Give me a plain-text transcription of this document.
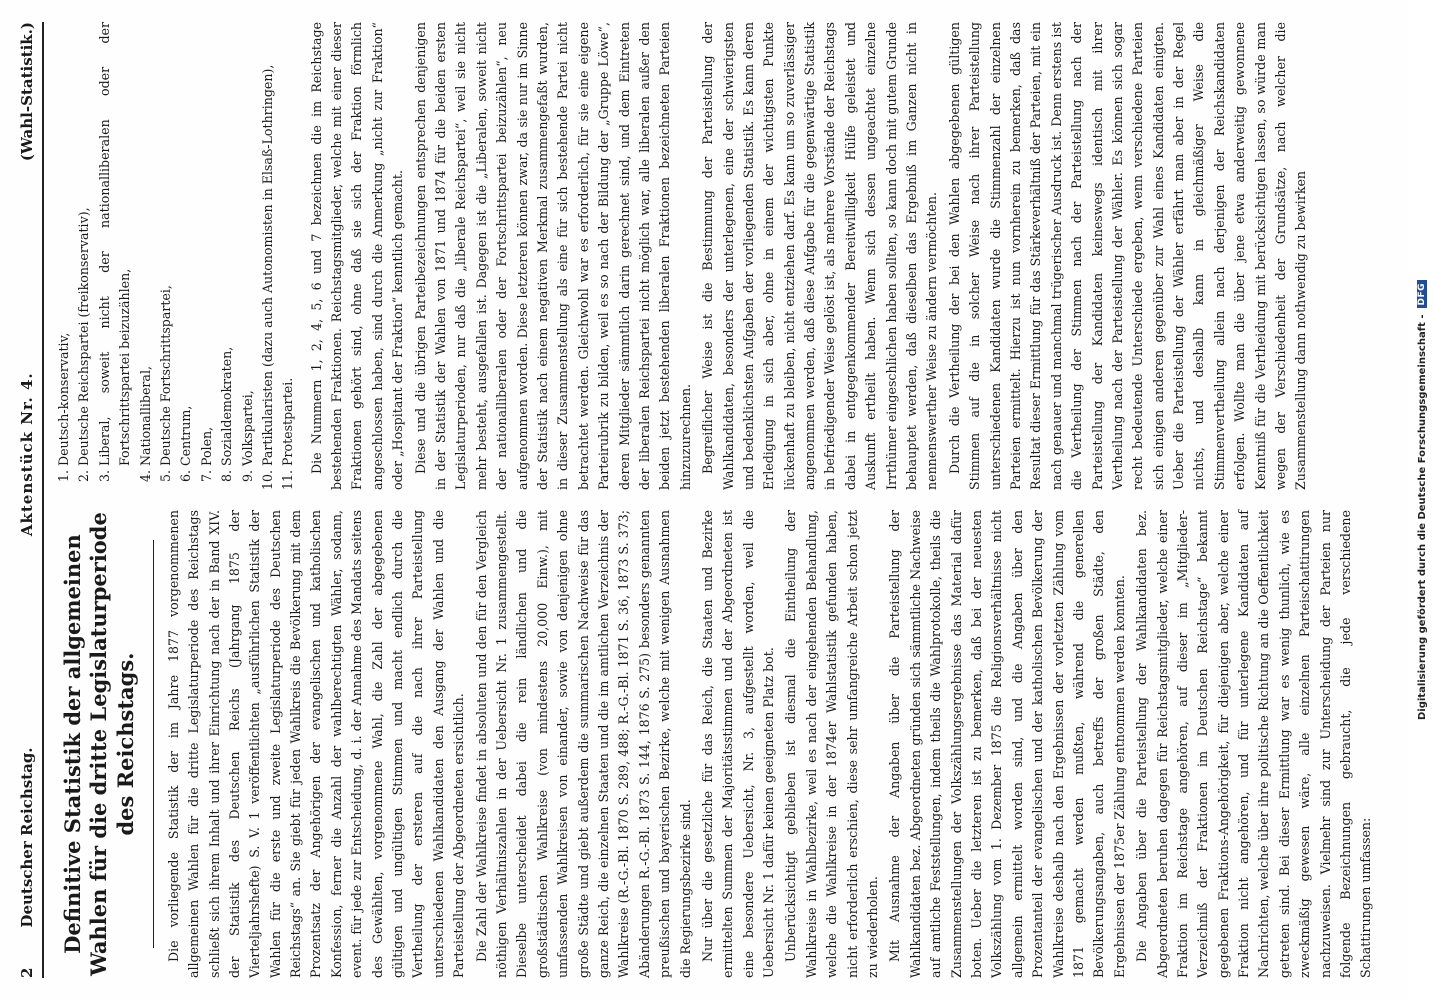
2
Deutscher Reichstag.
Aktenstück Nr. 4.
(Wahl-Statistik.)
Definitive Statistik der allgemeinen Wahlen für die dritte Legislaturperiode des Reichstags. Die vorliegende Statistik der im Jahre 1877 vorgenommenen allgemeinen Wahlen für die dritte Legislaturperiode des Reichstags schließt sich ihrem Inhalt und ihrer Einrichtung nach der in Band XIV. der Statistik des Deutschen Reichs (Jahrgang 1875 der Vierteljahrshefte) S. V. 1 veröffentlichten „ausführlichen Statistik der Wahlen für die erste und zweite Legislaturperiode des Deutschen Reichstags“ an. Sie giebt für jeden Wahlkreis die Bevölkerung mit dem Prozentsatz der Angehörigen der evangelischen und katholischen Konfession, ferner die Anzahl der wahlberechtigten Wähler, sodann, event. für jede zur Entscheidung, d. i. der Annahme des Mandats seitens des Gewählten, vorgenommene Wahl, die Zahl der abgegebenen gültigen und ungültigen Stimmen und macht endlich durch die Vertheilung der ersteren auf die nach ihrer Parteistellung unterschiedenen Wahlkandidaten den Ausgang der Wahlen und die Parteistellung der Abgeordneten ersichtlich. Die Zahl der Wahlkreise findet in absoluten und den für den Vergleich nöthigen Verhältniszahlen in der Uebersicht Nr. 1 zusammengestellt. Dieselbe unterscheidet dabei die rein ländlichen und die großstädtischen Wahlkreise (von mindestens 20,000 Einw.), mit umfassenden Wahlkreisen von einander, sowie von denjenigen ohne große Städte und giebt außerdem die summarischen Nachweise für das ganze Reich, die einzelnen Staaten und die im amtlichen Verzeichnis der Wahlkreise (R.-G.-Bl. 1870 S. 289, 488; R.-G.-Bl. 1871 S. 36, 1873 S. 373; Abänderungen R.-G.-Bl. 1873 S. 144, 1876 S. 275) besonders genannten preußischen und bayerischen Bezirke, welche mit wenigen Ausnahmen die Regierungsbezirke sind. Nur über die gesetzliche für das Reich, die Staaten und Bezirke ermittelten Summen der Majoritätsstimmen und der Abgeordneten ist eine besondere Uebersicht, Nr. 3, aufgestellt worden, weil die Uebersicht Nr. 1 dafür keinen geeigneten Platz bot. Unberücksichtigt geblieben ist diesmal die Eintheilung der Wahlkreise in Wahlbezirke, weil es nach der eingehenden Behandlung, welche die Wahlkreise in der 1874er Wahlstatistik gefunden haben, nicht erforderlich erschien, diese sehr umfangreiche Arbeit schon jetzt zu wiederholen. Mit Ausnahme der Angaben über die Parteistellung der Wahlkandidaten bez. Abgeordneten gründen sich sämmtliche Nachweise auf amtliche Feststellungen, indem theils die Wahlprotokolle, theils die Zusammenstellungen der Volkszählungsergebnisse das Material dafür boten. Ueber die letzteren ist zu bemerken, daß bei der neuesten Volkszählung vom 1. Dezember 1875 die Religionsverhältnisse nicht allgemein ermittelt worden sind, und die Angaben über den Prozentanteil der evangelischen und der katholischen Bevölkerung der Wahlkreise deshalb nach den Ergebnissen der vorletzten Zählung vom 1871 gemacht werden mußten, während die generellen Bevölkerungsangaben, auch betreffs der großen Städte, den Ergebnissen der 1875er Zählung entnommen werden konnten. Die Angaben über die Parteistellung der Wahlkandidaten bez. Abgeordneten beruhen dagegen für Reichstagsmitglieder, welche einer Fraktion im Reichstage angehören, auf dieser im „Mitglieder-Verzeichniß der Fraktionen im Deutschen Reichstage“ bekannt gegebenen Fraktions-Angehörigkeit, für diejenigen aber, welche einer Fraktion nicht angehören, und für unterlegene Kandidaten auf Nachrichten, welche über ihre politische Richtung an die Oeffentlichkeit getreten sind. Bei dieser Ermittlung war es wenig thunlich, wie es zweckmäßig gewesen wäre, alle einzelnen Parteischattirungen nachzuweisen. Vielmehr sind zur Unterscheidung der Parteien nur folgende Bezeichnungen gebraucht, die jede verschiedene Schattirungen umfassen:

1. Deutsch-konservativ, 2. Deutsche Reichspartei (freikonservativ), 3. Liberal, soweit nicht der nationalliberalen oder der Fortschrittspartei beizuzählen, 4. Nationalliberal, 5. Deutsche Fortschrittspartei, 6. Centrum, 7. Polen, 8. Sozialdemokraten, 9. Volkspartei, 10. Partikularisten (dazu auch Autonomisten in Elsaß-Lothringen), 11. Protestpartei. Die Nummern 1, 2, 4, 5, 6 und 7 bezeichnen die im Reichstage bestehenden Fraktionen. Reichstagsmitglieder, welche mit einer dieser Fraktionen gehört sind, ohne daß sie sich der Fraktion förmlich angeschlossen haben, sind durch die Anmerkung „nicht zur Fraktion“ oder „Hospitant der Fraktion“ kenntlich gemacht. Diese und die übrigen Parteibezeichnungen entsprechen denjenigen in der Statistik der Wahlen von 1871 und 1874 für die beiden ersten Legislaturperioden, nur daß die „liberale Reichspartei“, weil sie nicht mehr besteht, ausgefallen ist. Dagegen ist die „Liberalen, soweit nicht der nationalliberalen oder der Fortschrittspartei beizuzählen“, neu aufgenommen worden. Diese letzteren können zwar, da sie nur im Sinne der Statistik nach einem negativen Merkmal zusammengefaßt wurden, in dieser Zusammenstellung als eine für sich bestehende Partei nicht betrachtet werden. Gleichwohl war es erforderlich, für sie eine eigene Parteirubrik zu bilden, weil es so nach der Bildung der „Gruppe Löwe“, deren Mitglieder sämmtlich darin gerechnet sind, und dem Eintreten der liberalen Reichspartei nicht möglich war, alle liberalen außer den beiden jetzt bestehenden liberalen Fraktionen bezeichneten Parteien hinzuzurechnen. Begreiflicher Weise ist die Bestimmung der Parteistellung der Wahlkandidaten, besonders der unterlegenen, eine der schwierigsten und bedenklichsten Aufgaben der vorliegenden Statistik. Es kann deren Erledigung in sich aber, ohne in einem der wichtigsten Punkte lückenhaft zu bleiben, nicht entziehen darf. Es kann um so zuverlässiger angenommen werden, daß diese Aufgabe für die gegenwärtige Statistik in befriedigender Weise gelöst ist, als mehrere Vorstände der Reichstags dabei in entgegenkommender Bereitwilligkeit Hülfe geleistet und Auskunft ertheilt haben. Wenn sich dessen ungeachtet einzelne Irrthümer eingeschlichen haben sollten, so kann doch mit gutem Grunde behauptet werden, daß dieselben das Ergebniß im Ganzen nicht in nennenswerther Weise zu ändern vermöchten. Durch die Vertheilung der bei den Wahlen abgegebenen gültigen Stimmen auf die in solcher Weise nach ihrer Parteistellung unterschiedenen Kandidaten wurde die Stimmenzahl der einzelnen Parteien ermittelt. Hierzu ist nun vornherein zu bemerken, daß das Resultat dieser Ermittlung für das Stärkeverhältniß der Parteien, mit ein nach genauer und manchmal trügerischer Ausdruck ist. Denn erstens ist die Vertheilung der Stimmen nach der Parteistellung nach der Parteistellung der Kandidaten keineswegs identisch mit ihrer Vertheilung nach der Parteistellung der Wähler. Es können sich sogar recht bedeutende Unterschiede ergeben, wenn verschiedene Parteien sich einigen anderen gegenüber zur Wahl eines Kandidaten einigten. Ueber die Parteistellung der Wähler erfährt man aber in der Regel nichts, und deshalb kann in gleichmäßiger Weise die Stimmenvertheilung allein nach derjenigen der Reichskandidaten erfolgen. Wollte man die über jene etwa anderweitig gewonnene Kenntniß für die Vertheidung mit berücksichtigen lassen, so würde man wegen der Verschiedenheit der Grundsätze, nach welcher die Zusammenstellung dann nothwendig zu bewirken	Digitalisierung gefördert durch die Deutsche Forschungsgemeinschaft -
DFG
